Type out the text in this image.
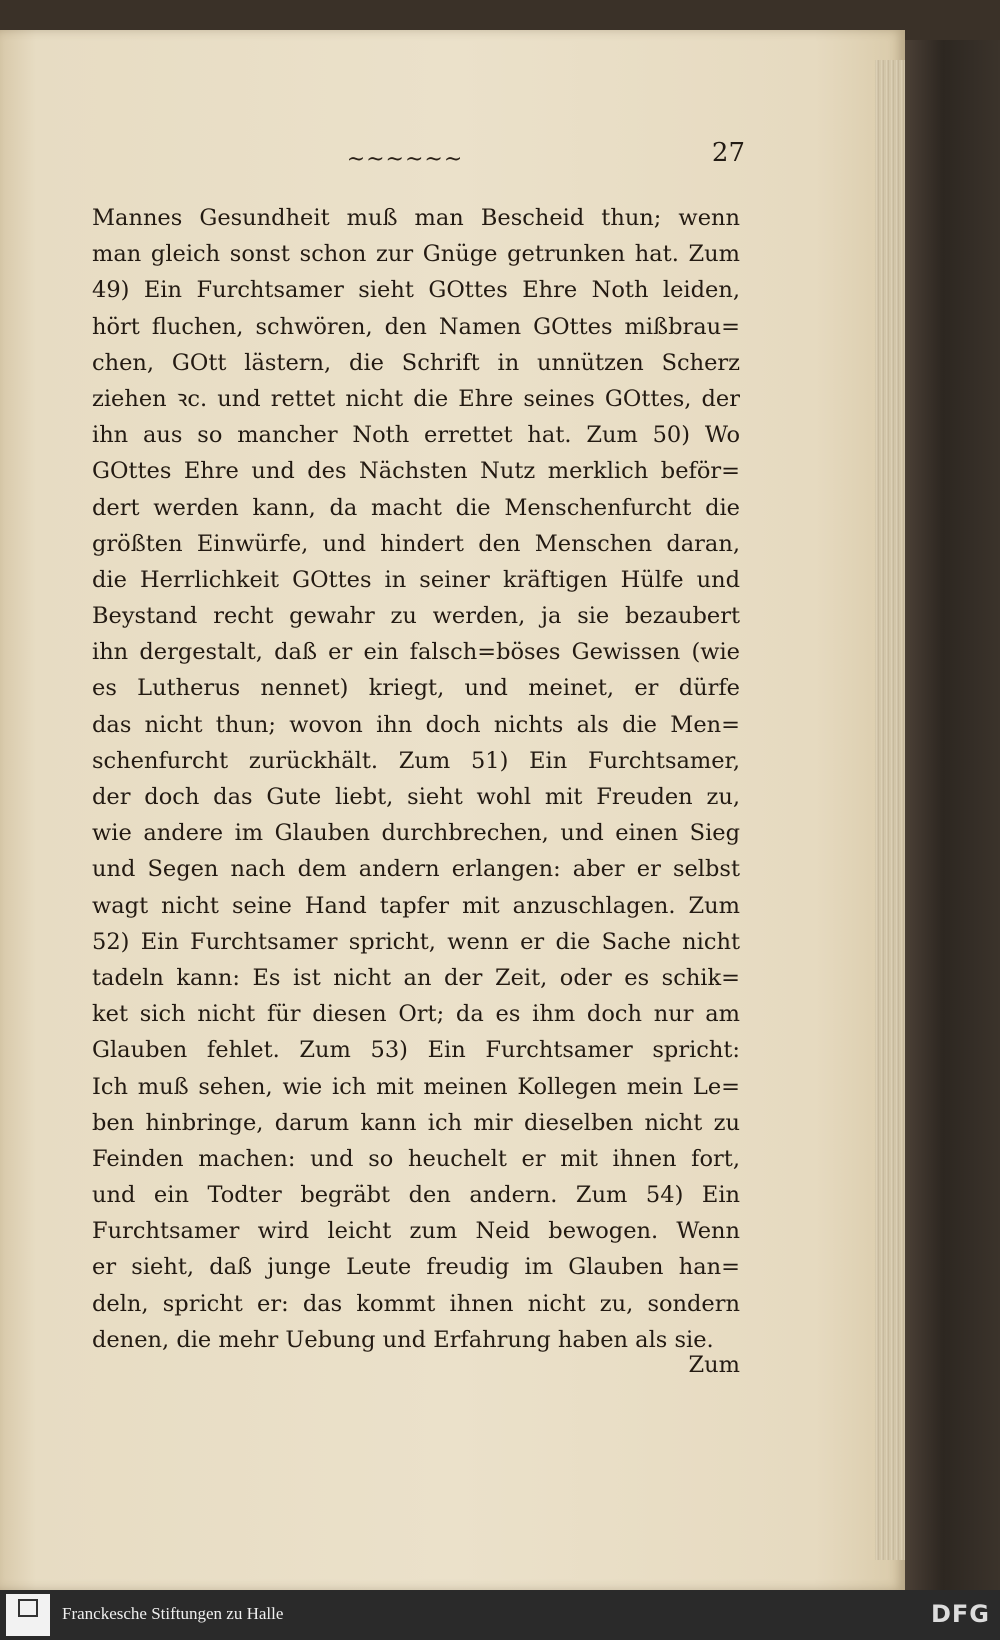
~~~~~~	27
Mannes Gesundheit muß man Bescheid thun; wenn
man gleich sonst schon zur Gnüge getrunken hat. Zum
49) Ein Furchtsamer sieht GOttes Ehre Noth leiden,
hört fluchen, schwören, den Namen GOttes mißbrau=
chen, GOtt lästern, die Schrift in unnützen Scherz
ziehen ꝛc. und rettet nicht die Ehre seines GOttes, der
ihn aus so mancher Noth errettet hat. Zum 50) Wo
GOttes Ehre und des Nächsten Nutz merklich beför=
dert werden kann, da macht die Menschenfurcht die
größten Einwürfe, und hindert den Menschen daran,
die Herrlichkeit GOttes in seiner kräftigen Hülfe und
Beystand recht gewahr zu werden, ja sie bezaubert
ihn dergestalt, daß er ein falsch=böses Gewissen (wie
es Lutherus nennet) kriegt, und meinet, er dürfe
das nicht thun; wovon ihn doch nichts als die Men=
schenfurcht zurückhält. Zum 51) Ein Furchtsamer,
der doch das Gute liebt, sieht wohl mit Freuden zu,
wie andere im Glauben durchbrechen, und einen Sieg
und Segen nach dem andern erlangen: aber er selbst
wagt nicht seine Hand tapfer mit anzuschlagen. Zum
52) Ein Furchtsamer spricht, wenn er die Sache nicht
tadeln kann: Es ist nicht an der Zeit, oder es schik=
ket sich nicht für diesen Ort; da es ihm doch nur am
Glauben fehlet. Zum 53) Ein Furchtsamer spricht:
Ich muß sehen, wie ich mit meinen Kollegen mein Le=
ben hinbringe, darum kann ich mir dieselben nicht zu
Feinden machen: und so heuchelt er mit ihnen fort,
und ein Todter begräbt den andern. Zum 54) Ein
Furchtsamer wird leicht zum Neid bewogen. Wenn
er sieht, daß junge Leute freudig im Glauben han=
deln, spricht er: das kommt ihnen nicht zu, sondern
denen, die mehr Uebung und Erfahrung haben als sie.
Zum
Franckesche Stiftungen zu Halle	DFG
